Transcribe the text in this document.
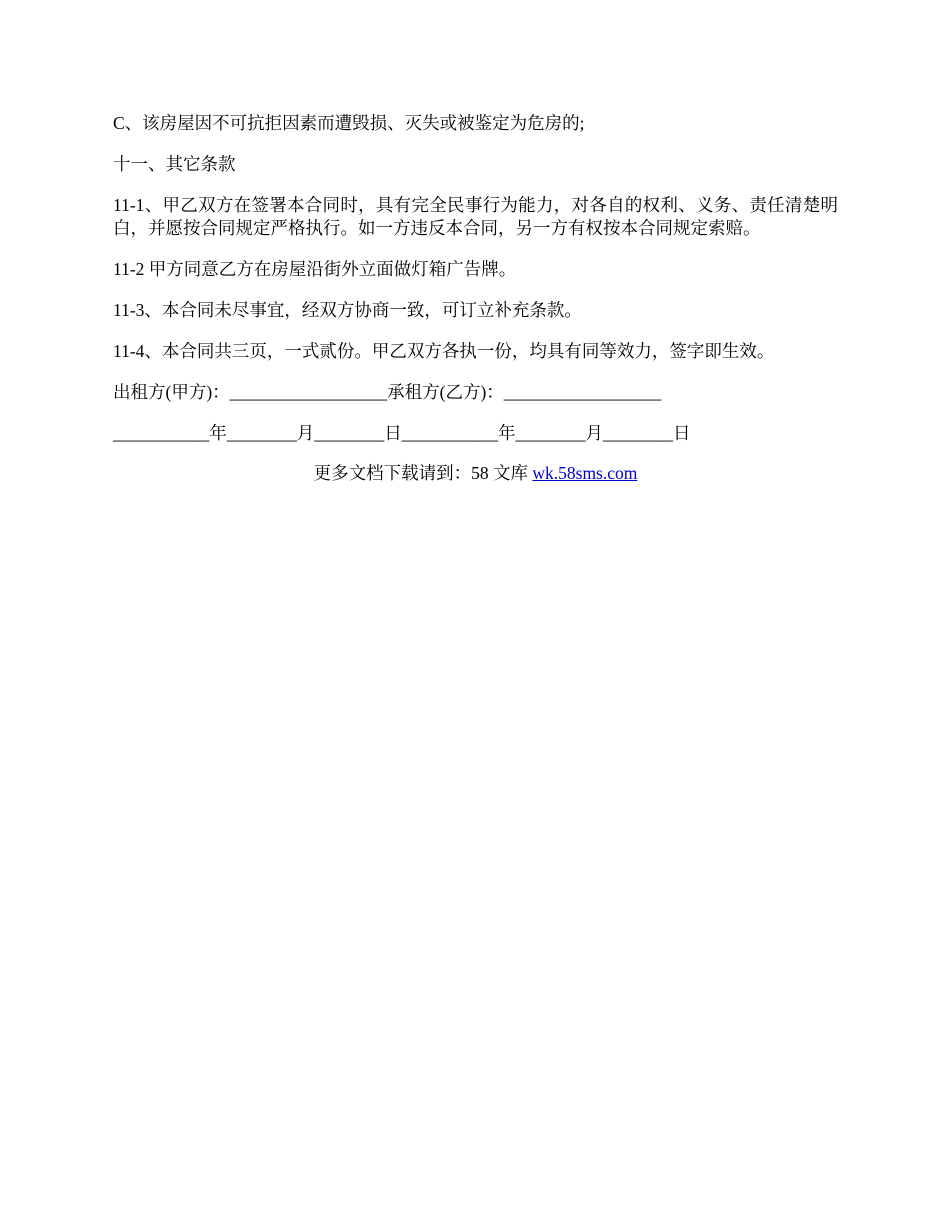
C、该房屋因不可抗拒因素而遭毁损、灭失或被鉴定为危房的;

十一、其它条款

11-1、甲乙双方在签署本合同时，具有完全民事行为能力，对各自的权利、义务、责任清楚明白，并愿按合同规定严格执行。如一方违反本合同，另一方有权按本合同规定索赔。

11-2 甲方同意乙方在房屋沿街外立面做灯箱广告牌。

11-3、本合同未尽事宜，经双方协商一致，可订立补充条款。

11-4、本合同共三页，一式贰份。甲乙双方各执一份，均具有同等效力，签字即生效。

出租方(甲方)：__________________承租方(乙方)：__________________

___________年________月________日___________年________月________日

更多文档下载请到：58 文库 wk.58sms.com
